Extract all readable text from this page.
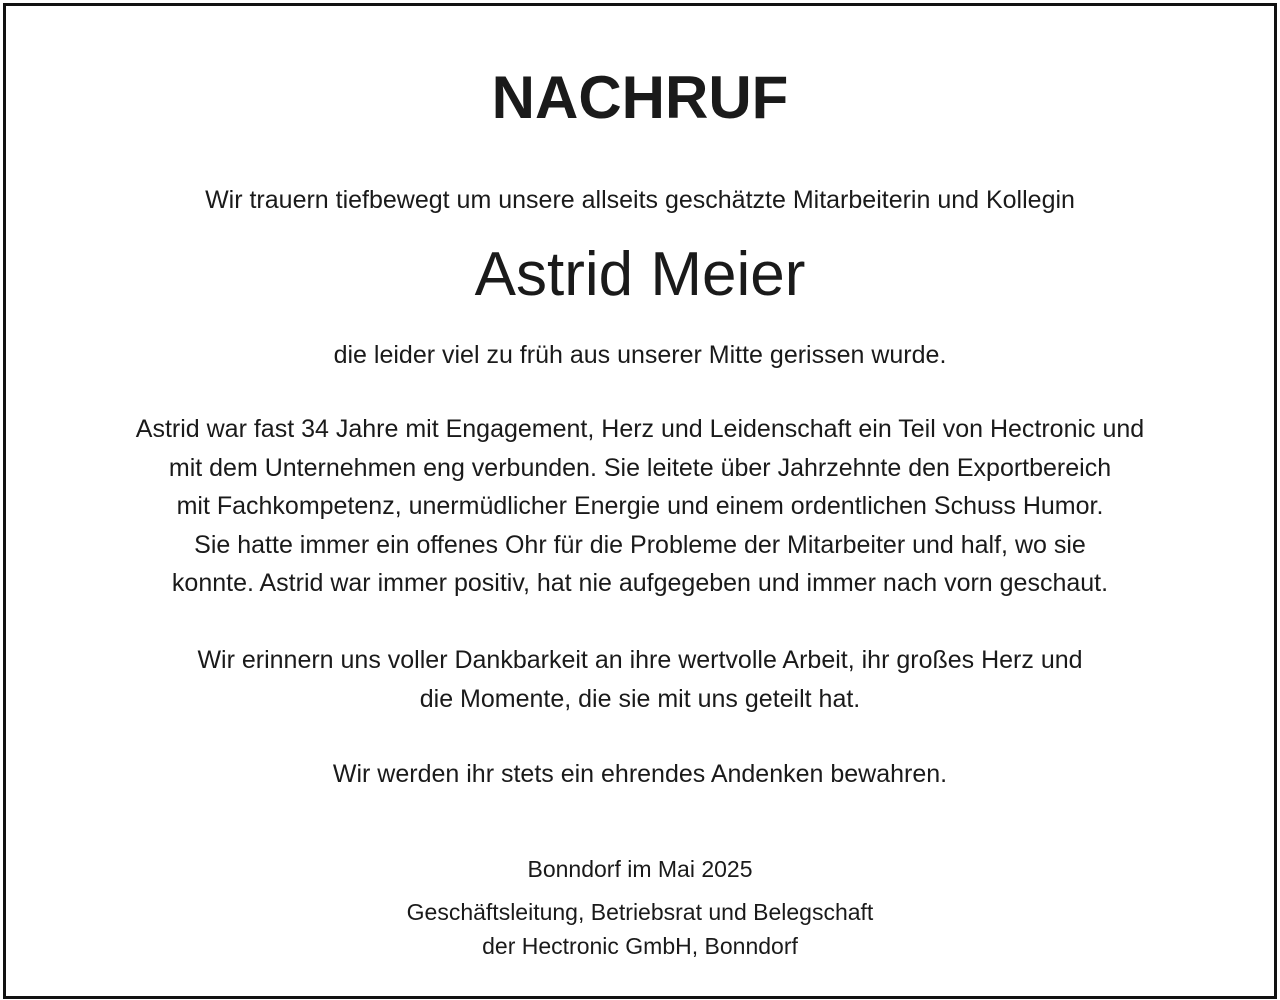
NACHRUF

Wir trauern tiefbewegt um unsere allseits geschätzte Mitarbeiterin und Kollegin

Astrid Meier

die leider viel zu früh aus unserer Mitte gerissen wurde.

Astrid war fast 34 Jahre mit Engagement, Herz und Leidenschaft ein Teil von Hectronic und
mit dem Unternehmen eng verbunden. Sie leitete über Jahrzehnte den Exportbereich
mit Fachkompetenz, unermüdlicher Energie und einem ordentlichen Schuss Humor.
Sie hatte immer ein offenes Ohr für die Probleme der Mitarbeiter und half, wo sie
konnte. Astrid war immer positiv, hat nie aufgegeben und immer nach vorn geschaut.
Wir erinnern uns voller Dankbarkeit an ihre wertvolle Arbeit, ihr großes Herz und
die Momente, die sie mit uns geteilt hat.

Wir werden ihr stets ein ehrendes Andenken bewahren.

Bonndorf im Mai 2025

Geschäftsleitung, Betriebsrat und Belegschaft
der Hectronic GmbH, Bonndorf
